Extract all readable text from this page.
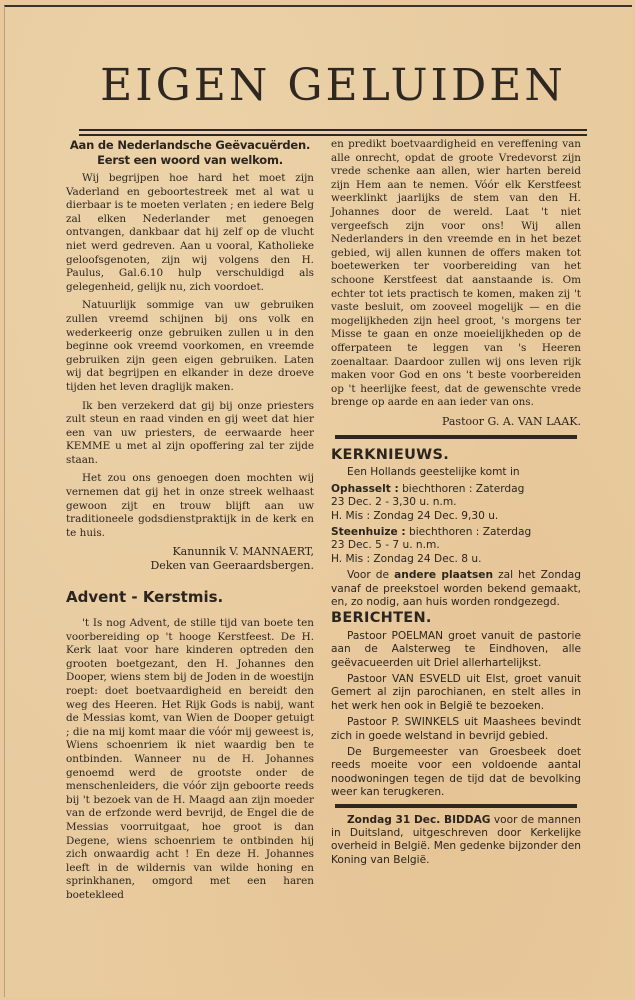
EIGEN GELUIDEN
Aan de Nederlandsche Geëvacuërden.
Eerst een woord van welkom.

Wij begrijpen hoe hard het moet zijn Vaderland en geboortestreek met al wat u dierbaar is te moeten verlaten ; en iedere Belg zal elken Nederlander met genoegen ontvangen, dankbaar dat hij zelf op de vlucht niet werd gedreven. Aan u vooral, Katholieke geloofsgenoten, zijn wij volgens den H. Paulus, Gal.6.10 hulp verschuldigd als gelegenheid, gelijk nu, zich voordoet.

Natuurlijk sommige van uw gebruiken zullen vreemd schijnen bij ons volk en wederkeerig onze gebruiken zullen u in den beginne ook vreemd voorkomen, en vreemde gebruiken zijn geen eigen gebruiken. Laten wij dat begrijpen en elkander in deze droeve tijden het leven draglijk maken.

Ik ben verzekerd dat gij bij onze priesters zult steun en raad vinden en gij weet dat hier een van uw priesters, de eerwaarde heer KEMME u met al zijn opoffering zal ter zijde staan.

Het zou ons genoegen doen mochten wij vernemen dat gij het in onze streek welhaast gewoon zijt en trouw blijft aan uw traditioneele godsdienstpraktijk in de kerk en te huis.

Kanunnik V. MANNAERT,

Deken van Geeraardsbergen.

Advent - Kerstmis.

't Is nog Advent, de stille tijd van boete ten voorbereiding op 't hooge Kerstfeest. De H. Kerk laat voor hare kinderen optreden den grooten boetgezant, den H. Johannes den Dooper, wiens stem bij de Joden in de woestijn roept: doet boetvaardigheid en bereidt den weg des Heeren. Het Rijk Gods is nabij, want de Messias komt, van Wien de Dooper getuigt ; die na mij komt maar die vóór mij geweest is, Wiens schoenriem ik niet waardig ben te ontbinden. Wanneer nu de H. Johannes genoemd werd de grootste onder de menschenleiders, die vóór zijn geboorte reeds bij 't bezoek van de H. Maagd aan zijn moeder van de erfzonde werd bevrijd, de Engel die de Messias voorruitgaat, hoe groot is dan Degene, wiens schoenriem te ontbinden hij zich onwaardig acht ! En deze H. Johannes leeft in de wildernis van wilde honing en sprinkhanen, omgord met een haren boetekleed

en predikt boetvaardigheid en vereffening van alle onrecht, opdat de groote Vredevorst zijn vrede schenke aan allen, wier harten bereid zijn Hem aan te nemen. Vóór elk Kerstfeest weerklinkt jaarlijks de stem van den H. Johannes door de wereld. Laat 't niet vergeefsch zijn voor ons! Wij allen Nederlanders in den vreemde en in het bezet gebied, wij allen kunnen de offers maken tot boetewerken ter voorbereiding van het schoone Kerstfeest dat aanstaande is. Om echter tot iets practisch te komen, maken zij 't vaste besluit, om zooveel mogelijk — en die mogelijkheden zijn heel groot, 's morgens ter Misse te gaan en onze moeielijkheden op de offerpateen te leggen van 's Heeren zoenaltaar. Daardoor zullen wij ons leven rijk maken voor God en ons 't beste voorbereiden op 't heerlijke feest, dat de gewenschte vrede brenge op aarde en aan ieder van ons.

Pastoor G. A. VAN LAAK.

KERKNIEUWS.

Een Hollands geestelijke komt in

Ophasselt : biechthoren : Zaterdag

23 Dec. 2 - 3,30 u. n.m.

H. Mis : Zondag 24 Dec. 9,30 u.

Steenhuize : biechthoren : Zaterdag

23 Dec. 5 - 7 u. n.m.

H. Mis : Zondag 24 Dec. 8 u.

Voor de andere plaatsen zal het Zondag vanaf de preekstoel worden bekend gemaakt, en, zo nodig, aan huis worden rondgezegd.

BERICHTEN.

Pastoor POELMAN groet vanuit de pastorie aan de Aalsterweg te Eindhoven, alle geëvacueerden uit Driel allerhartelijkst.

Pastoor VAN ESVELD uit Elst, groet vanuit Gemert al zijn parochianen, en stelt alles in het werk hen ook in België te bezoeken.

Pastoor P. SWINKELS uit Maashees bevindt zich in goede welstand in bevrijd gebied.

De Burgemeester van Groesbeek doet reeds moeite voor een voldoende aantal noodwoningen tegen de tijd dat de bevolking weer kan terugkeren.

Zondag 31 Dec. BIDDAG voor de mannen in Duitsland, uitgeschreven door Kerkelijke overheid in België. Men gedenke bijzonder den Koning van België.
